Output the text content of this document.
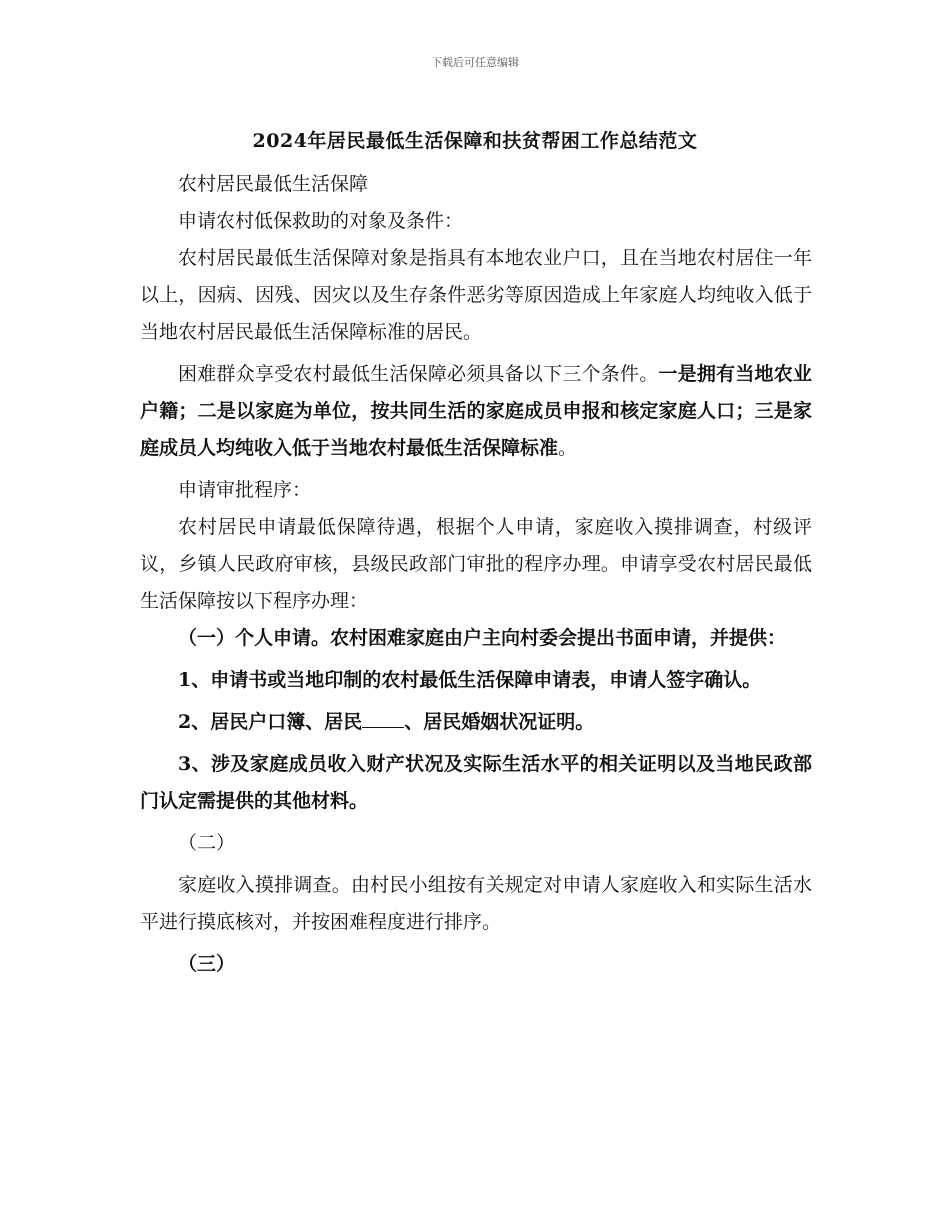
下载后可任意编辑
2024年居民最低生活保障和扶贫帮困工作总结范文

农村居民最低生活保障

申请农村低保救助的对象及条件：

农村居民最低生活保障对象是指具有本地农业户口，且在当地农村居住一年以上，因病、因残、因灾以及生存条件恶劣等原因造成上年家庭人均纯收入低于当地农村居民最低生活保障标准的居民。

困难群众享受农村最低生活保障必须具备以下三个条件。一是拥有当地农业户籍；二是以家庭为单位，按共同生活的家庭成员申报和核定家庭人口；三是家庭成员人均纯收入低于当地农村最低生活保障标准。

申请审批程序：

农村居民申请最低保障待遇，根据个人申请，家庭收入摸排调查，村级评议，乡镇人民政府审核，县级民政部门审批的程序办理。申请享受农村居民最低生活保障按以下程序办理：

（一）个人申请。农村困难家庭由户主向村委会提出书面申请，并提供：

1、申请书或当地印制的农村最低生活保障申请表，申请人签字确认。

2、居民户口簿、居民 、居民婚姻状况证明。

3、涉及家庭成员收入财产状况及实际生活水平的相关证明以及当地民政部门认定需提供的其他材料。

（二）

家庭收入摸排调查。由村民小组按有关规定对申请人家庭收入和实际生活水平进行摸底核对，并按困难程度进行排序。

（三）
